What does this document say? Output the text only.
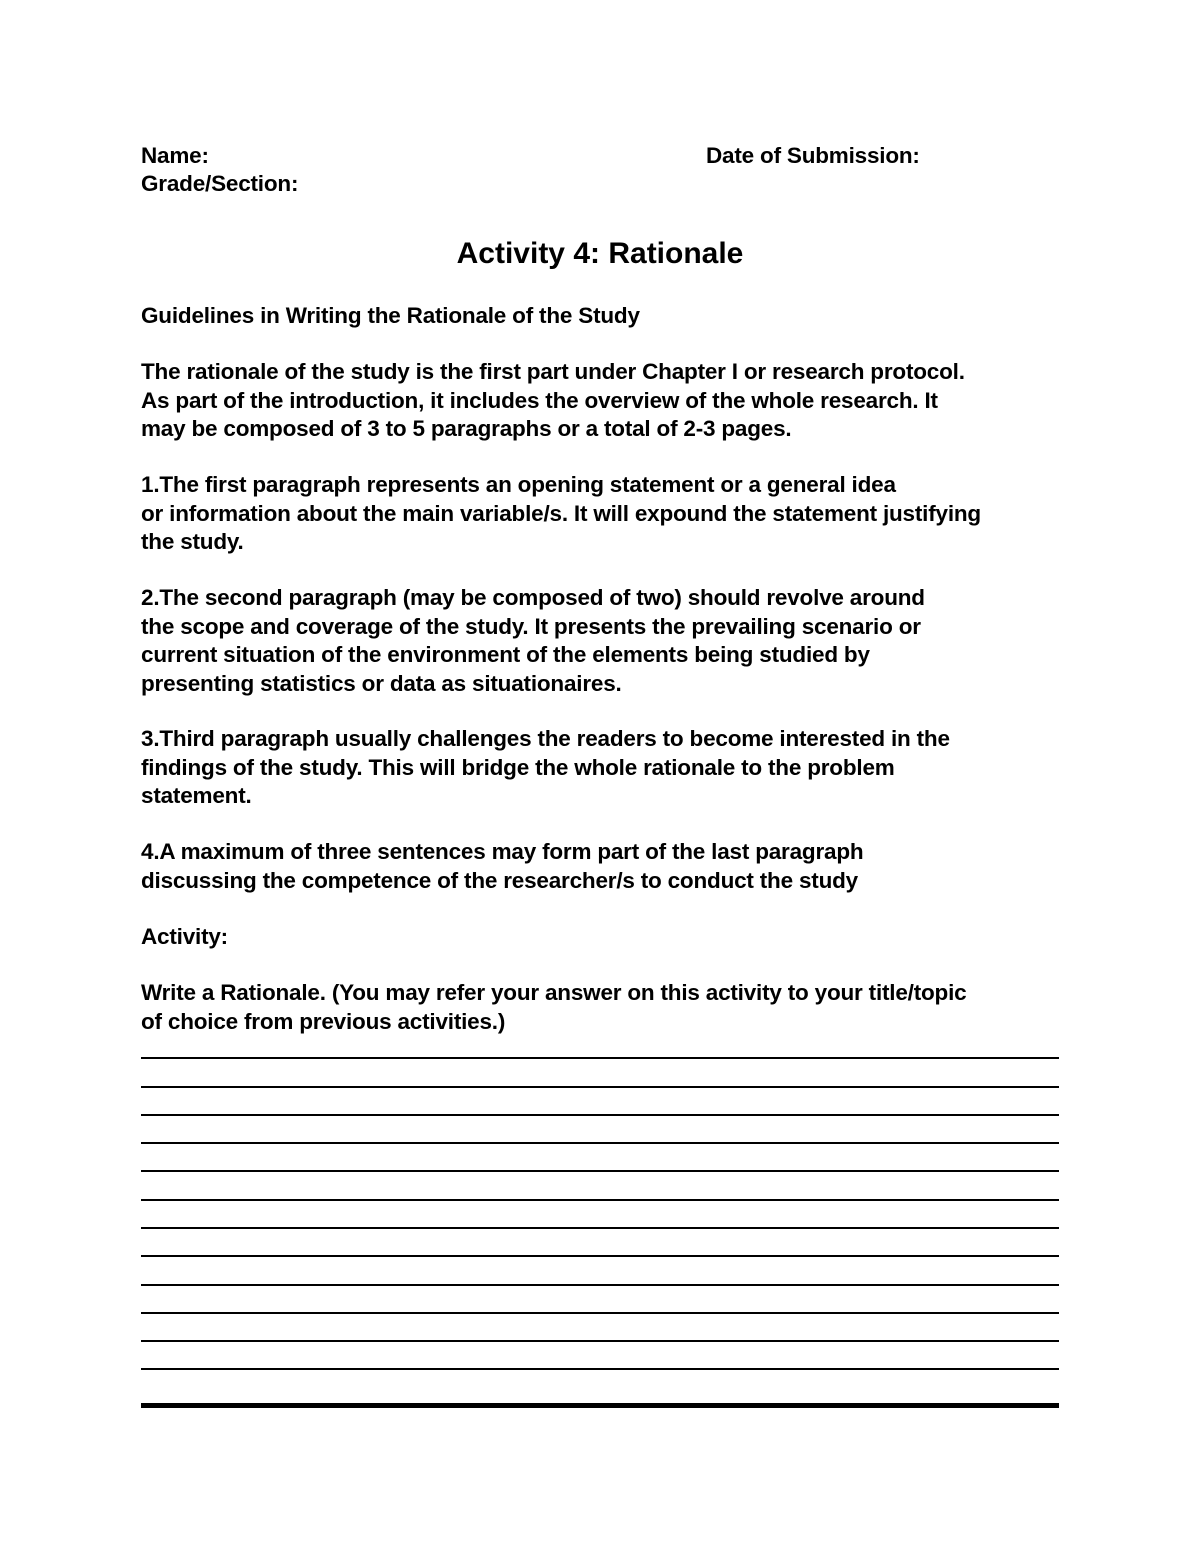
Name:
Grade/Section:
Date of Submission:
Activity 4: Rationale
Guidelines in Writing the Rationale of the Study
The rationale of the study is the first part under Chapter I or research protocol.
As part of the introduction, it includes the overview of the whole research. It
may be composed of 3 to 5 paragraphs or a total of 2-3 pages.
1.The first paragraph represents an opening statement or a general idea
or information about the main variable/s. It will expound the statement justifying
the study.
2.The second paragraph (may be composed of two) should revolve around
the scope and coverage of the study. It presents the prevailing scenario or
current situation of the environment of the elements being studied by
presenting statistics or data as situationaires.
3.Third paragraph usually challenges the readers to become interested in the
findings of the study. This will bridge the whole rationale to the problem
statement.
4.A maximum of three sentences may form part of the last paragraph
discussing the competence of the researcher/s to conduct the study
Activity:
Write a Rationale. (You may refer your answer on this activity to your title/topic
of choice from previous activities.)
